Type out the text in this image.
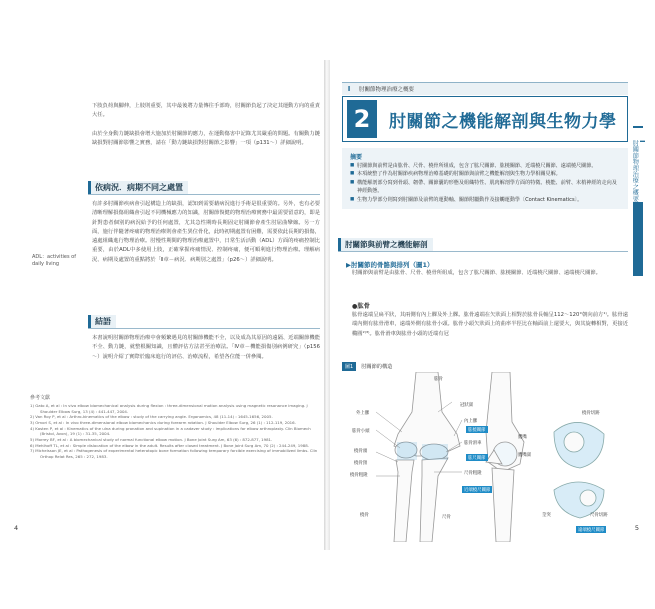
下肢負荷與腳伸，上肢則重要，其中最後將力量傳往手部時，肘關節負起了決定其運動方向的重責大任。

由於全身動力鏈缺損會增大施加於肘關節的應力，在運動傷害中記錄尤其嚴重的問題。有關動力鏈缺損對肘關節影響之實務，請在「動力鏈缺損對肘關節之影響」一項（p131～）詳細說明。

依病況．病期不同之處置

有許多肘關節疾病會引起構造上的缺損，認知到需要藉病況進行手術是很重要的。另外，也有必要清晰理解損傷組織會引起不同機械應力的知識，肘關節復健的物理治療實務中最需要留意的，即是針對患者個別的病況給予的任何處置，尤其急性期時長期固定肘關節會產生肘屈曲攣縮。另一方面，施行伴隨著疼痛的物理治療則會產生異位骨化，此時初期處置有困難，需要依此長期的損傷，遠處組織進行物理治療。肘慢性期間的物理治療處置中，日常生活活動（ADL）方面的疼痛控制比重要，由於ADL中多使用上肢，正確掌握疼痛情況、控制疼痛，便可順利進行物理治療。理解病況、病期及處置的重點將於「Ⅱ章－病況．病期別之處置」（p26～）詳細說明。

ADL：activities of daily living

結語

本書說明肘關節物理治療中會頻繁遇見的肘關節機能不全，以及成為其原因的遠隔、近端關節機能不全、動力鏈，就整根關知識，且體評估方法甚至治療法。「Ⅳ章－機能損傷別病例研究」（p156～）說明介紹了實際於臨床進行的評估、治療流程，希望各位能一併參閱。

參考文獻

1) Gato A, et al : In vivo elbow biomechanical analysis during flexion : three-dimensional motion analysis using magnetic resonance imaging. J Shoulder Elbow Surg, 13 (4) : 441-447, 2004.

2) Van Roy P, et al : Arthro-kinematics of the elbow : study of the carrying angle. Ergonomics, 48 (11-14) : 1645-1656, 2005.

3) Omori S, et al : In vivo three-dimensional elbow biomechanics during forearm rotation. J Shoulder Elbow Surg, 26 (1) : 112-119, 2016.

4) Kasten P, et al : Kinematics of the ulna during pronation and supination in a cadaver study : implications for elbow arthroplasty. Clin Biomech (Bristol, Avon), 19 (1) : 31-35, 2004.

5) Morrey BF, et al : A biomechanical study of normal functional elbow motion. J Bone Joint Surg Am, 63 (6) : 872-877, 1981.

6) Mehlhoff TL, et al : Simple dislocation of the elbow in the adult. Results after closed treatment. J Bone Joint Surg Am, 70 (2) : 244-249, 1988.

7) Michelsson JE, et al : Pathogenesis of experimental heterotopic bone formation following temporary forcible exercising of immobilized limbs. Clin Orthop Relat Res, 265 : 272, 1983.

4
I	肘關節物理治療之概要
2	肘關節之機能解剖與生物力學
I
肘關節物理治療之概要
摘要
■ 肘關節與前臂是由肱骨、尺骨、橈骨所組成，包含了肱尺關節、肱橈關節、近端橈尺關節、遠端橈尺關節。
■ 本項統整了作為肘關節疾病物理治療基礎的肘關節與前臂之機能解剖與生物力學相關見解。
■ 構能解剖部分寫到骨頭、韌帶、關節囊的形態及組織特性、肌肉解剖學方面的特徵、橈能、前臂、末梢神經的走向及神經動態。
■ 生物力學部分則寫到肘關節及前臂的運動軸、關節附屬動作及接觸運動學〔Contact Kinematics〕。
肘關節與前臂之機能解剖
▶肘關節的骨骼與排列（圖1）

肘關節與前臂是由肱骨、尺骨、橈骨所組成，包含了肱尺關節、肱橈關節、近端橈尺關節、遠端橈尺關節。

●肱骨

肱骨遠端呈扁平狀，其兩側有內上髁及外上髁。肱骨遠端在矢狀面上相對於肱骨長軸呈112～120°朝向前方¹⁾。肱骨遠端內側有肱骨滑車，遠端外側有肱骨小頭。肱骨小頭矢狀面上的曲率半徑比在軸面前上還要大，與其旋轉相對，更接近橢圓²⁾³⁾。肱骨滑車與肱骨小頭的近端有冠

圖1	肘關節的構造
肱骨
外上髁
肱骨小頭
橈骨頭
橈骨頸
橈骨粗隆
橈骨
冠狀窩
內上髁
肱骨滑車
尺骨粗隆
尺骨
鷹嘴
鷹嘴窩
橈骨切跡
尺骨切跡
莖突
肱橈關節
肱尺關節
近端橈尺關節
遠端橈尺關節	5
